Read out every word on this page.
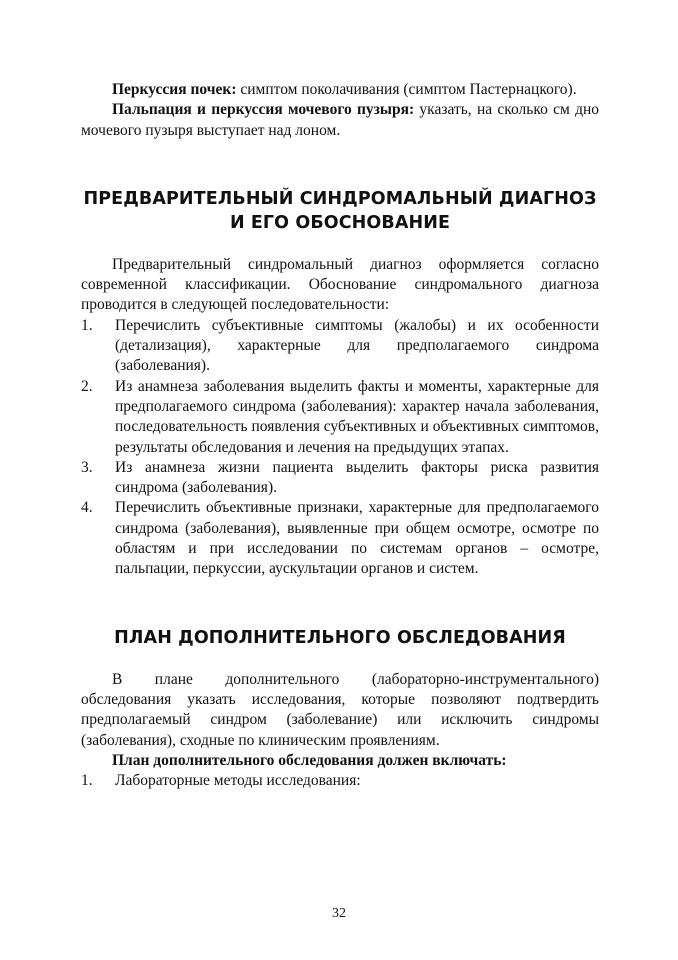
Перкуссия почек: симптом поколачивания (симптом Пастернацкого).

Пальпация и перкуссия мочевого пузыря: указать, на сколько см дно мочевого пузыря выступает над лоном.

ПРЕДВАРИТЕЛЬНЫЙ СИНДРОМАЛЬНЫЙ ДИАГНОЗ
И ЕГО ОБОСНОВАНИЕ

Предварительный синдромальный диагноз оформляется согласно современной классификации. Обоснование синдромального диагноза проводится в следующей последовательности:

1. Перечислить субъективные симптомы (жалобы) и их особенности (детализация), характерные для предполагаемого синдрома (заболевания).
2. Из анамнеза заболевания выделить факты и моменты, характерные для предполагаемого синдрома (заболевания): характер начала заболевания, последовательность появления субъективных и объективных симптомов, результаты обследования и лечения на предыдущих этапах.
3. Из анамнеза жизни пациента выделить факторы риска развития синдрома (заболевания).
4. Перечислить объективные признаки, характерные для предполагаемого синдрома (заболевания), выявленные при общем осмотре, осмотре по областям и при исследовании по системам органов – осмотре, пальпации, перкуссии, аускультации органов и систем.
ПЛАН ДОПОЛНИТЕЛЬНОГО ОБСЛЕДОВАНИЯ

В плане дополнительного (лабораторно-инструментального) обследования указать исследования, которые позволяют подтвердить предполагаемый синдром (заболевание) или исключить синдромы (заболевания), сходные по клиническим проявлениям.

План дополнительного обследования должен включать:

1. Лабораторные методы исследования:
32
